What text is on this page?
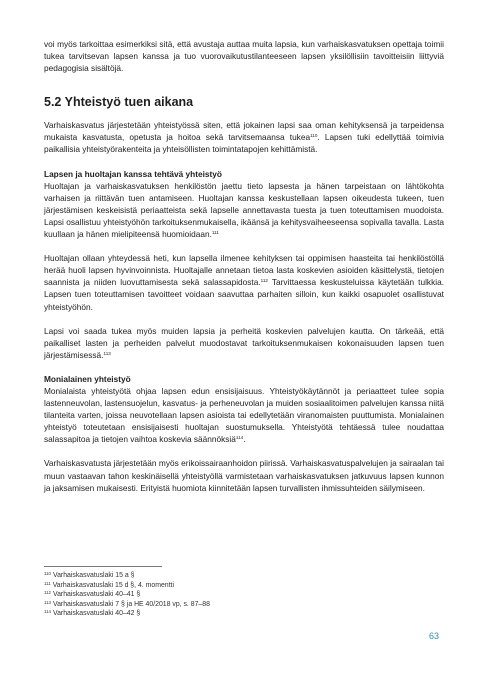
voi myös tarkoittaa esimerkiksi sitä, että avustaja auttaa muita lapsia, kun varhaiskasvatuksen opettaja toimii tukea tarvitsevan lapsen kanssa ja tuo vuorovaikutustilanteeseen lapsen yksilöllisiin tavoitteisiin liittyviä pedagogisia sisältöjä.

5.2 Yhteistyö tuen aikana

Varhaiskasvatus järjestetään yhteistyössä siten, että jokainen lapsi saa oman kehityksensä ja tarpeidensa mukaista kasvatusta, opetusta ja hoitoa sekä tarvitsemaansa tukea$^{110}$. Lapsen tuki edellyttää toimivia paikallisia yhteistyörakenteita ja yhteisöllisten toimintatapojen kehittämistä.

Lapsen ja huoltajan kanssa tehtävä yhteistyö

Huoltajan ja varhaiskasvatuksen henkilöstön jaettu tieto lapsesta ja hänen tarpeistaan on lähtökohta varhaisen ja riittävän tuen antamiseen. Huoltajan kanssa keskustellaan lapsen oikeudesta tukeen, tuen järjestämisen keskeisistä periaatteista sekä lapselle annettavasta tuesta ja tuen toteuttamisen muodoista. Lapsi osallistuu yhteistyöhön tarkoituksenmukaisella, ikäänsä ja kehitysvaiheeseensa sopivalla tavalla. Lasta kuullaan ja hänen mielipiteensä huomioidaan.$^{111}$

Huoltajan ollaan yhteydessä heti, kun lapsella ilmenee kehityksen tai oppimisen haasteita tai henkilöstöllä herää huoli lapsen hyvinvoinnista. Huoltajalle annetaan tietoa lasta koskevien asioiden käsittelystä, tietojen saannista ja niiden luovuttamisesta sekä salassapidosta.$^{112}$ Tarvittaessa keskusteluissa käytetään tulkkia. Lapsen tuen toteuttamisen tavoitteet voidaan saavuttaa parhaiten silloin, kun kaikki osapuolet osallistuvat yhteistyöhön.

Lapsi voi saada tukea myös muiden lapsia ja perheitä koskevien palvelujen kautta. On tärkeää, että paikalliset lasten ja perheiden palvelut muodostavat tarkoituksenmukaisen kokonaisuuden lapsen tuen järjestämisessä.$^{113}$

Monialainen yhteistyö

Monialaista yhteistyötä ohjaa lapsen edun ensisijaisuus. Yhteistyökäytännöt ja periaatteet tulee sopia lastenneuvolan, lastensuojelun, kasvatus- ja perheneuvolan ja muiden sosiaalitoimen palvelujen kanssa niitä tilanteita varten, joissa neuvotellaan lapsen asioista tai edellytetään viranomaisten puuttumista. Monialainen yhteistyö toteutetaan ensisijaisesti huoltajan suostumuksella. Yhteistyötä tehtäessä tulee noudattaa salassapitoa ja tietojen vaihtoa koskevia säännöksiä$^{114}$.

Varhaiskasvatusta järjestetään myös erikoissairaanhoidon piirissä. Varhaiskasvatuspalvelujen ja sairaalan tai muun vastaavan tahon keskinäisellä yhteistyöllä varmistetaan varhaiskasvatuksen jatkuvuus lapsen kunnon ja jaksamisen mukaisesti. Erityistä huomiota kiinnitetään lapsen turvallisten ihmissuhteiden säilymiseen.

$^{110}$ Varhaiskasvatuslaki 15 a §
$^{111}$ Varhaiskasvatuslaki 15 d §, 4. momentti
$^{112}$ Varhaiskasvatuslaki 40–41 §
$^{113}$ Varhaiskasvatuslaki 7 § ja HE 40/2018 vp, s. 87–88
$^{114}$ Varhaiskasvatuslaki 40–42 §
63
